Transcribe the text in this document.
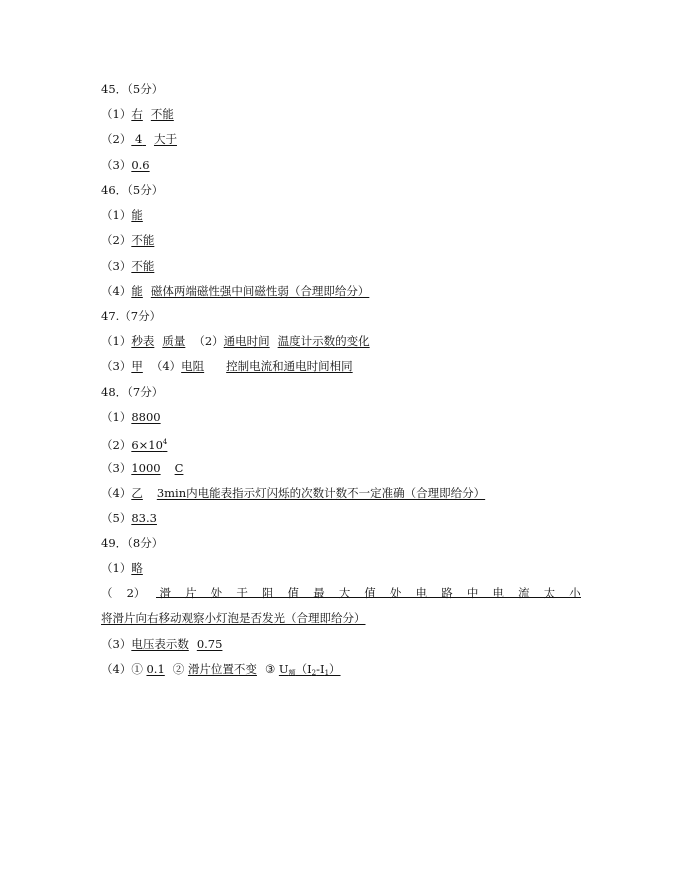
45．（5分）
（1）右 不能
（2） 4 大于
（3）0.6
46．（5分）
（1）能
（2）不能
（3）不能
（4）能 磁体两端磁性强中间磁性弱（合理即给分）
47.（7分）
（1）秒表 质量 （2）通电时间 温度计示数的变化
（3）甲 （4）电阻 控制电流和通电时间相同
48．（7分）
（1）8800
$(2)6\times 10^4$
（3）1000 C
（4）乙 3min内电能表指示灯闪烁的次数计数不一定准确（合理即给分）
（5）83.3
49．（8分）
（1）略
（ 2） 滑 片 处 于 阻 值 最 大 值 处 电 路 中 电 流 太 小
将滑片向右移动观察小灯泡是否发光（合理即给分）
（3）电压表示数 0.75
（4）① 0.1 ② 滑片位置不变 ③ $U_额(I_2-I_1)$
